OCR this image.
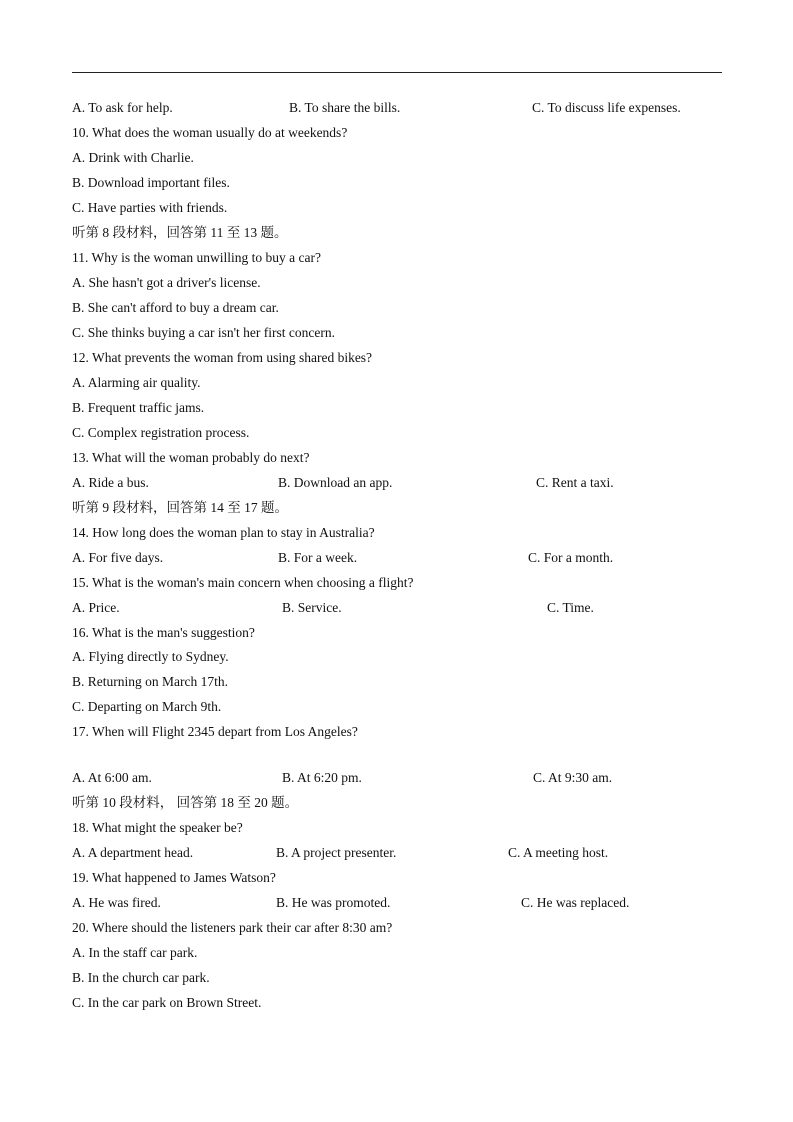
A. To ask for help.	B. To share the bills.	C. To discuss life expenses.
10. What does the woman usually do at weekends?
A. Drink with Charlie.
B. Download important files.
C. Have parties with friends.
听第 8 段材料，回答第 11 至 13 题。
11. Why is the woman unwilling to buy a car?
A. She hasn't got a driver's license.
B. She can't afford to buy a dream car.
C. She thinks buying a car isn't her first concern.
12. What prevents the woman from using shared bikes?
A. Alarming air quality.
B. Frequent traffic jams.
C. Complex registration process.
13. What will the woman probably do next?
A. Ride a bus.	B. Download an app.	C. Rent a taxi.
听第 9 段材料，回答第 14 至 17 题。
14. How long does the woman plan to stay in Australia?
A. For five days.	B. For a week.	C. For a month.
15. What is the woman's main concern when choosing a flight?
A. Price.	B. Service.	C. Time.
16. What is the man's suggestion?
A. Flying directly to Sydney.
B. Returning on March 17th.
C. Departing on March 9th.
17. When will Flight 2345 depart from Los Angeles?
A. At 6:00 am.	B. At 6:20 pm.	C. At 9:30 am.
听第 10 段材料， 回答第 18 至 20 题。
18. What might the speaker be?
A. A department head.	B. A project presenter.	C. A meeting host.
19. What happened to James Watson?
A. He was fired.	B. He was promoted.	C. He was replaced.
20. Where should the listeners park their car after 8:30 am?
A. In the staff car park.
B. In the church car park.
C. In the car park on Brown Street.
